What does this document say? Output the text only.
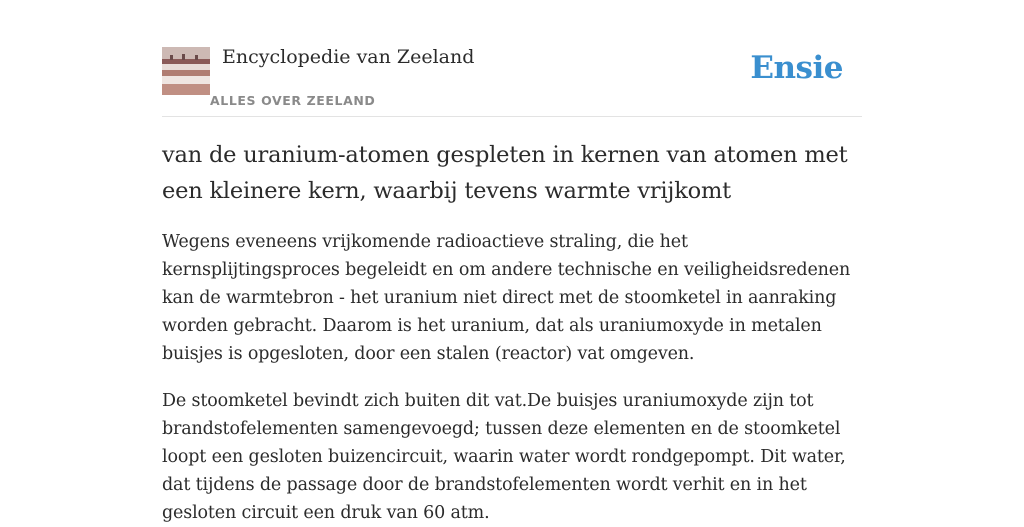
Encyclopedie van Zeeland
ALLES OVER ZEELAND
Ensie
van de uranium-atomen gespleten in kernen van atomen met een kleinere kern, waarbij tevens warmte vrijkomt

Wegens eveneens vrijkomende radioactieve straling, die het kernsplijtingsproces begeleidt en om andere technische en veiligheidsredenen kan de warmtebron - het uranium niet direct met de stoomketel in aanraking worden gebracht. Daarom is het uranium, dat als uraniumoxyde in metalen buisjes is opgesloten, door een stalen (reactor) vat omgeven.

De stoomketel bevindt zich buiten dit vat.De buisjes uraniumoxyde zijn tot brandstofelementen samengevoegd; tussen deze elementen en de stoomketel loopt een gesloten buizencircuit, waarin water wordt rondgepompt. Dit water, dat tijdens de passage door de brandstofelementen wordt verhit en in het gesloten circuit een druk van 60 atm.
